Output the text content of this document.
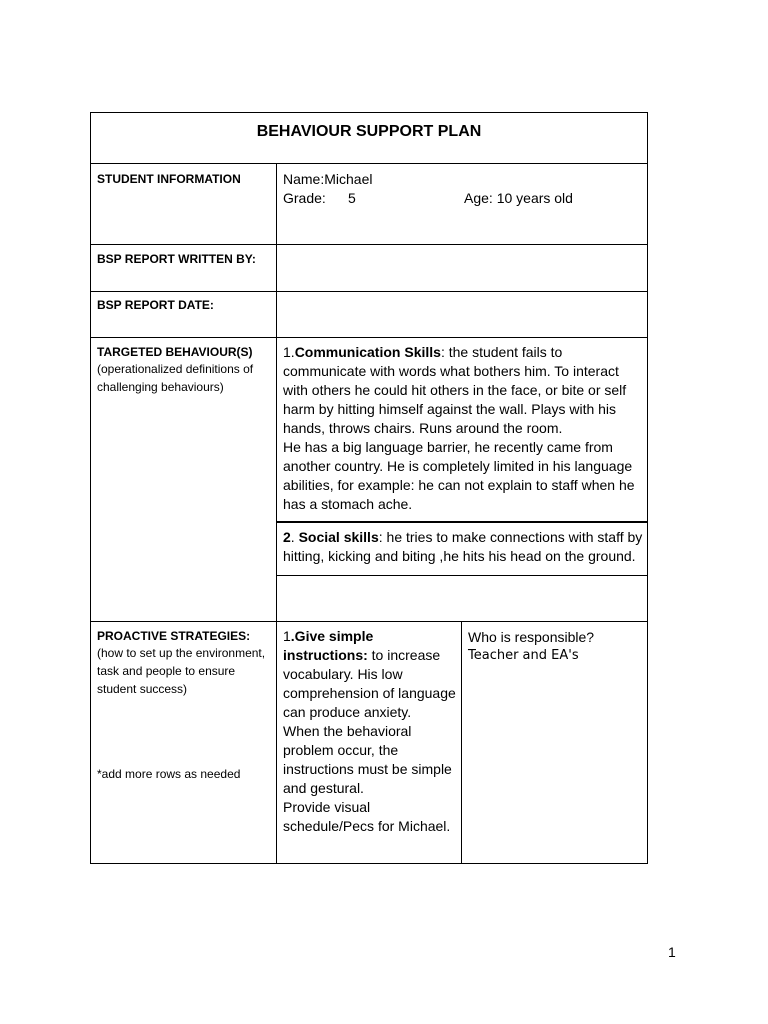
BEHAVIOUR SUPPORT PLAN
STUDENT INFORMATION	Name:Michael
Grade: 5	Age: 10 years old
BSP REPORT WRITTEN BY:
BSP REPORT DATE:
TARGETED BEHAVIOUR(S)
(operationalized definitions of challenging behaviours)
1.Communication Skills: the student fails to communicate with words what bothers him. To interact with others he could hit others in the face, or bite or self harm by hitting himself against the wall. Plays with his hands, throws chairs. Runs around the room.
He has a big language barrier, he recently came from another country. He is completely limited in his language abilities, for example: he can not explain to staff when he has a stomach ache.
2. Social skills: he tries to make connections with staff by hitting, kicking and biting ,he hits his head on the ground.
PROACTIVE STRATEGIES:
(how to set up the environment, task and people to ensure student success)
*add more rows as needed
1.Give simple instructions: to increase vocabulary. His low comprehension of language can produce anxiety.
When the behavioral problem occur, the instructions must be simple and gestural.
Provide visual schedule/Pecs for Michael.
Who is responsible?
Teacher and EA's
1
